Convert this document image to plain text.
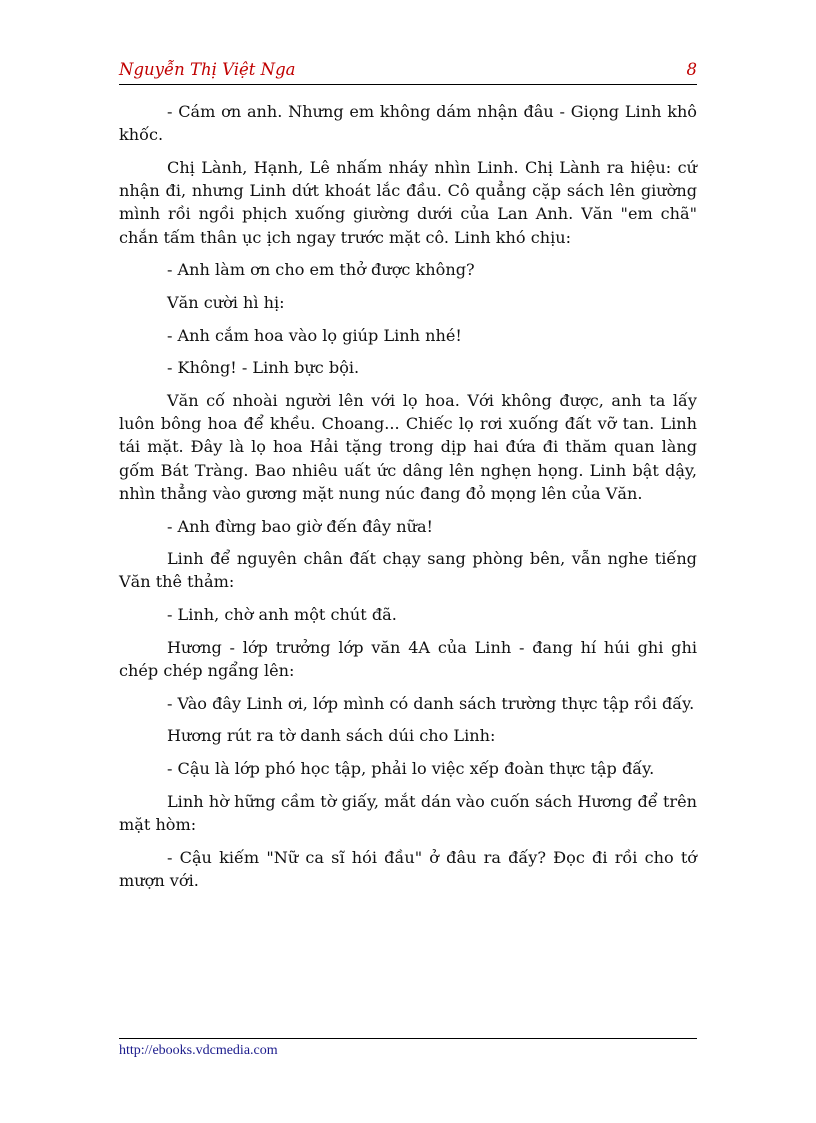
Nguyễn Thị Việt Nga	8

- Cám ơn anh. Nhưng em không dám nhận đâu - Giọng Linh khô khốc.

Chị Lành, Hạnh, Lê nhấm nháy nhìn Linh. Chị Lành ra hiệu: cứ nhận đi, nhưng Linh dứt khoát lắc đầu. Cô quẳng cặp sách lên giường mình rồi ngồi phịch xuống giường dưới của Lan Anh. Văn "em chã" chắn tấm thân ục ịch ngay trước mặt cô. Linh khó chịu:

- Anh làm ơn cho em thở được không?

Văn cười hì hị:

- Anh cắm hoa vào lọ giúp Linh nhé!

- Không! - Linh bực bội.

Văn cố nhoài người lên với lọ hoa. Với không được, anh ta lấy luôn bông hoa để khều. Choang... Chiếc lọ rơi xuống đất vỡ tan. Linh tái mặt. Đây là lọ hoa Hải tặng trong dịp hai đứa đi thăm quan làng gốm Bát Tràng. Bao nhiêu uất ức dâng lên nghẹn họng. Linh bật dậy, nhìn thẳng vào gương mặt nung núc đang đỏ mọng lên của Văn.

- Anh đừng bao giờ đến đây nữa!

Linh để nguyên chân đất chạy sang phòng bên, vẫn nghe tiếng Văn thê thảm:

- Linh, chờ anh một chút đã.

Hương - lớp trưởng lớp văn 4A của Linh - đang hí húi ghi ghi chép chép ngẩng lên:

- Vào đây Linh ơi, lớp mình có danh sách trường thực tập rồi đấy.

Hương rút ra tờ danh sách dúi cho Linh:

- Cậu là lớp phó học tập, phải lo việc xếp đoàn thực tập đấy.

Linh hờ hững cầm tờ giấy, mắt dán vào cuốn sách Hương để trên mặt hòm:

- Cậu kiếm "Nữ ca sĩ hói đầu" ở đâu ra đấy? Đọc đi rồi cho tớ mượn với.

http://ebooks.vdcmedia.com
